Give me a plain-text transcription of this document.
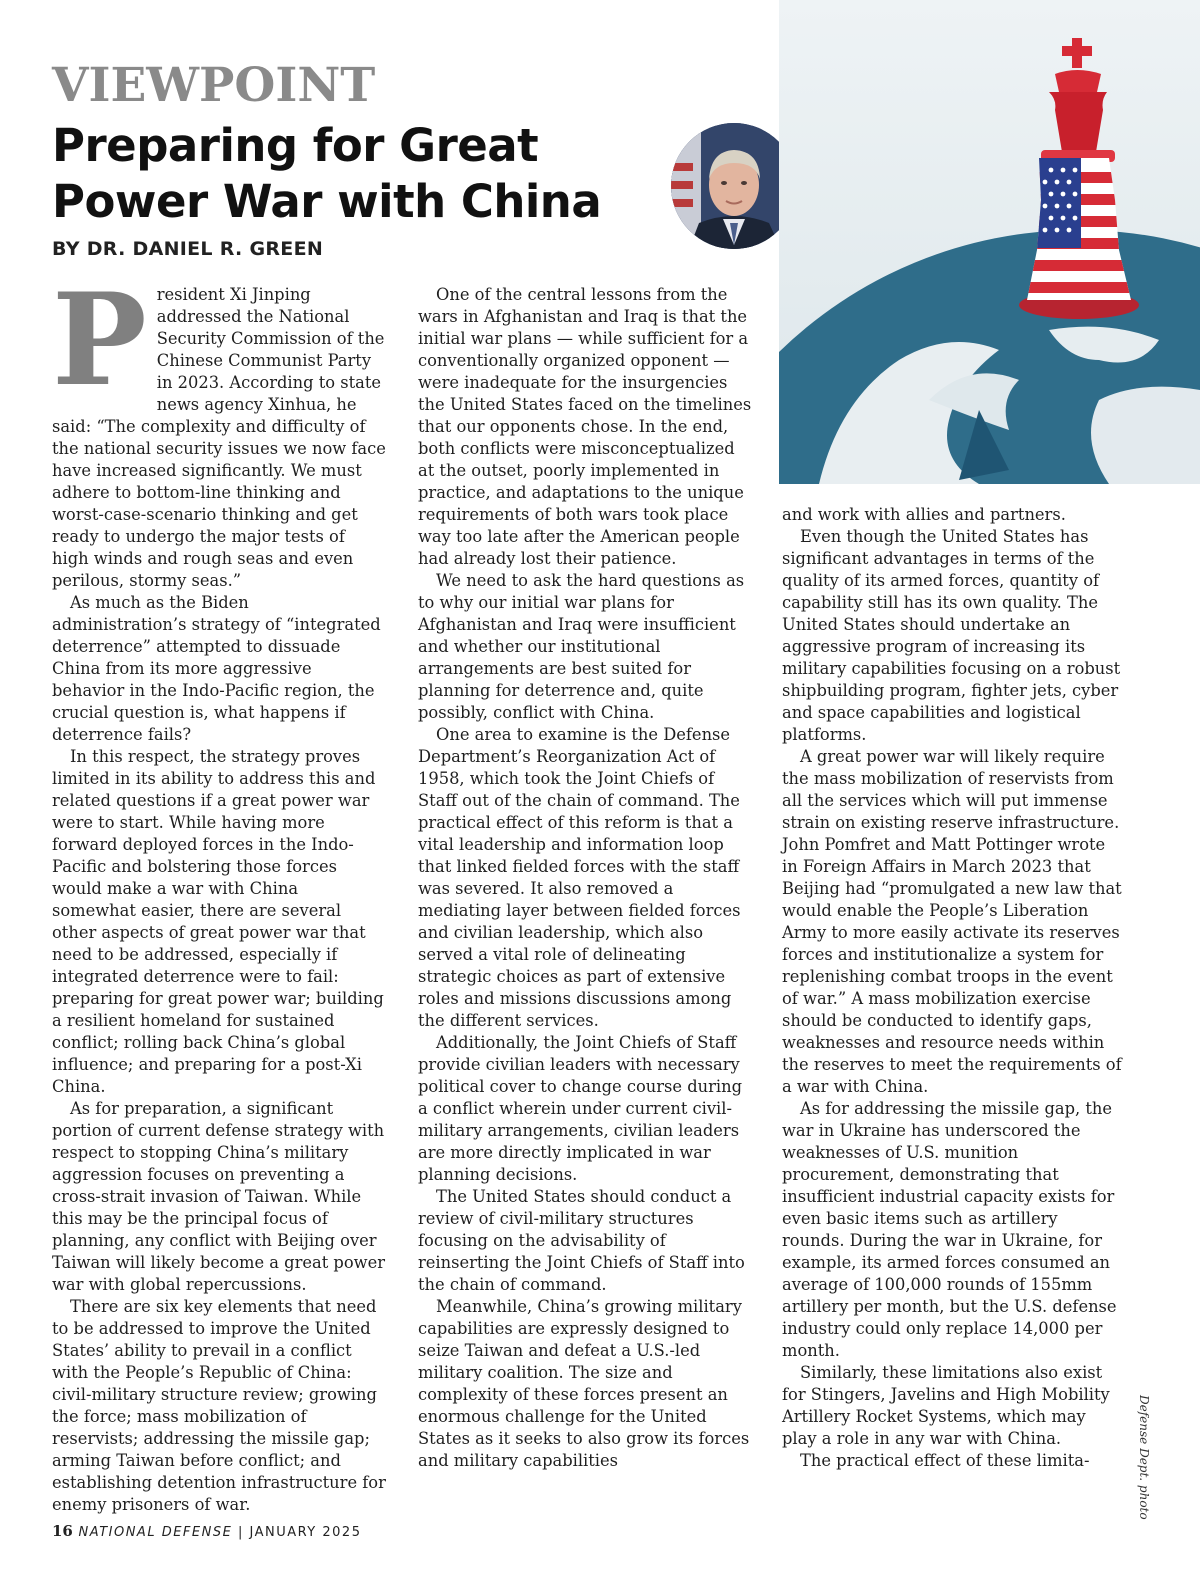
VIEWPOINT
Preparing for Great Power War with China
BY DR. DANIEL R. GREEN
P resident Xi Jinping addressed the National Security Commission of the Chinese Communist Party in 2023. According to state news agency Xinhua, he said: “The complexity and difficulty of the national security issues we now face have increased significantly. We must adhere to bottom-line thinking and worst-case-scenario thinking and get ready to undergo the major tests of high winds and rough seas and even perilous, stormy seas.”

As much as the Biden administration’s strategy of “integrated deterrence” attempted to dissuade China from its more aggressive behavior in the Indo-Pacific region, the crucial question is, what happens if deterrence fails?

In this respect, the strategy proves limited in its ability to address this and related questions if a great power war were to start. While having more forward deployed forces in the Indo-Pacific and bolstering those forces would make a war with China somewhat easier, there are several other aspects of great power war that need to be addressed, especially if integrated deterrence were to fail: preparing for great power war; building a resilient homeland for sustained conflict; rolling back China’s global influence; and preparing for a post-Xi China.

As for preparation, a significant portion of current defense strategy with respect to stopping China’s military aggression focuses on preventing a cross-strait invasion of Taiwan. While this may be the principal focus of planning, any conflict with Beijing over Taiwan will likely become a great power war with global repercussions.

There are six key elements that need to be addressed to improve the United States’ ability to prevail in a conflict with the People’s Republic of China: civil-military structure review; growing the force; mass mobilization of reservists; addressing the missile gap; arming Taiwan before conflict; and establishing detention infrastructure for enemy prisoners of war.

One of the central lessons from the wars in Afghanistan and Iraq is that the initial war plans — while sufficient for a conventionally organized opponent — were inadequate for the insurgencies the United States faced on the timelines that our opponents chose. In the end, both conflicts were misconceptualized at the outset, poorly implemented in practice, and adaptations to the unique requirements of both wars took place way too late after the American people had already lost their patience.

We need to ask the hard questions as to why our initial war plans for Afghanistan and Iraq were insufficient and whether our institutional arrangements are best suited for planning for deterrence and, quite possibly, conflict with China.

One area to examine is the Defense Department’s Reorganization Act of 1958, which took the Joint Chiefs of Staff out of the chain of command. The practical effect of this reform is that a vital leadership and information loop that linked fielded forces with the staff was severed. It also removed a mediating layer between fielded forces and civilian leadership, which also served a vital role of delineating strategic choices as part of extensive roles and missions discussions among the different services.

Additionally, the Joint Chiefs of Staff provide civilian leaders with necessary political cover to change course during a conflict wherein under current civil-military arrangements, civilian leaders are more directly implicated in war planning decisions.

The United States should conduct a review of civil-military structures focusing on the advisability of reinserting the Joint Chiefs of Staff into the chain of command.

Meanwhile, China’s growing military capabilities are expressly designed to seize Taiwan and defeat a U.S.-led military coalition. The size and complexity of these forces present an enormous challenge for the United States as it seeks to also grow its forces and military capabilities

and work with allies and partners.

Even though the United States has significant advantages in terms of the quality of its armed forces, quantity of capability still has its own quality. The United States should undertake an aggressive program of increasing its military capabilities focusing on a robust shipbuilding program, fighter jets, cyber and space capabilities and logistical platforms.

A great power war will likely require the mass mobilization of reservists from all the services which will put immense strain on existing reserve infrastructure. John Pomfret and Matt Pottinger wrote in Foreign Affairs in March 2023 that Beijing had “promulgated a new law that would enable the People’s Liberation Army to more easily activate its reserves forces and institutionalize a system for replenishing combat troops in the event of war.” A mass mobilization exercise should be conducted to identify gaps, weaknesses and resource needs within the reserves to meet the requirements of a war with China.

As for addressing the missile gap, the war in Ukraine has underscored the weaknesses of U.S. munition procurement, demonstrating that insufficient industrial capacity exists for even basic items such as artillery rounds. During the war in Ukraine, for example, its armed forces consumed an average of 100,000 rounds of 155mm artillery per month, but the U.S. defense industry could only replace 14,000 per month.

Similarly, these limitations also exist for Stingers, Javelins and High Mobility Artillery Rocket Systems, which may play a role in any war with China.

The practical effect of these limita-	Defense Dept. photo
16 NATIONAL DEFENSE | JANUARY 2025
